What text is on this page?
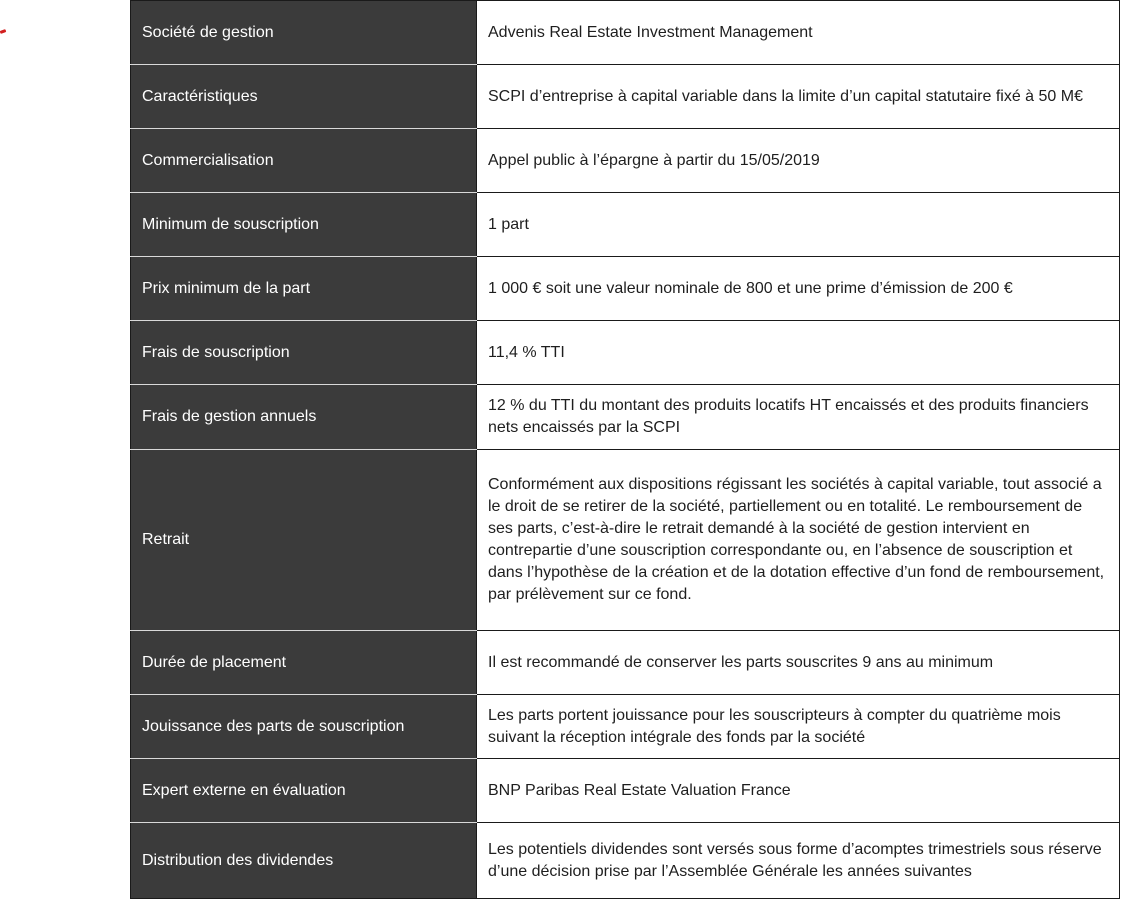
Société de gestion	Advenis Real Estate Investment Management
Caractéristiques	SCPI d’entreprise à capital variable dans la limite d’un capital statutaire fixé à 50 M€
Commercialisation	Appel public à l’épargne à partir du 15/05/2019
Minimum de souscription	1 part
Prix minimum de la part	1 000 € soit une valeur nominale de 800 et une prime d’émission de 200 €
Frais de souscription	11,4 % TTI
Frais de gestion annuels	12 % du TTI du montant des produits locatifs HT encaissés et des produits financiers nets encaissés par la SCPI
Retrait	Conformément aux dispositions régissant les sociétés à capital variable, tout associé a le droit de se retirer de la société, partiellement ou en totalité. Le remboursement de ses parts, c’est-à-dire le retrait demandé à la société de gestion intervient en contrepartie d’une souscription correspondante ou, en l’absence de souscription et dans l’hypothèse de la création et de la dotation effective d’un fond de remboursement, par prélèvement sur ce fond.
Durée de placement	Il est recommandé de conserver les parts souscrites 9 ans au minimum
Jouissance des parts de souscription	Les parts portent jouissance pour les souscripteurs à compter du quatrième mois suivant la réception intégrale des fonds par la société
Expert externe en évaluation	BNP Paribas Real Estate Valuation France
Distribution des dividendes	Les potentiels dividendes sont versés sous forme d’acomptes trimestriels sous réserve d’une décision prise par l’Assemblée Générale les années suivantes
